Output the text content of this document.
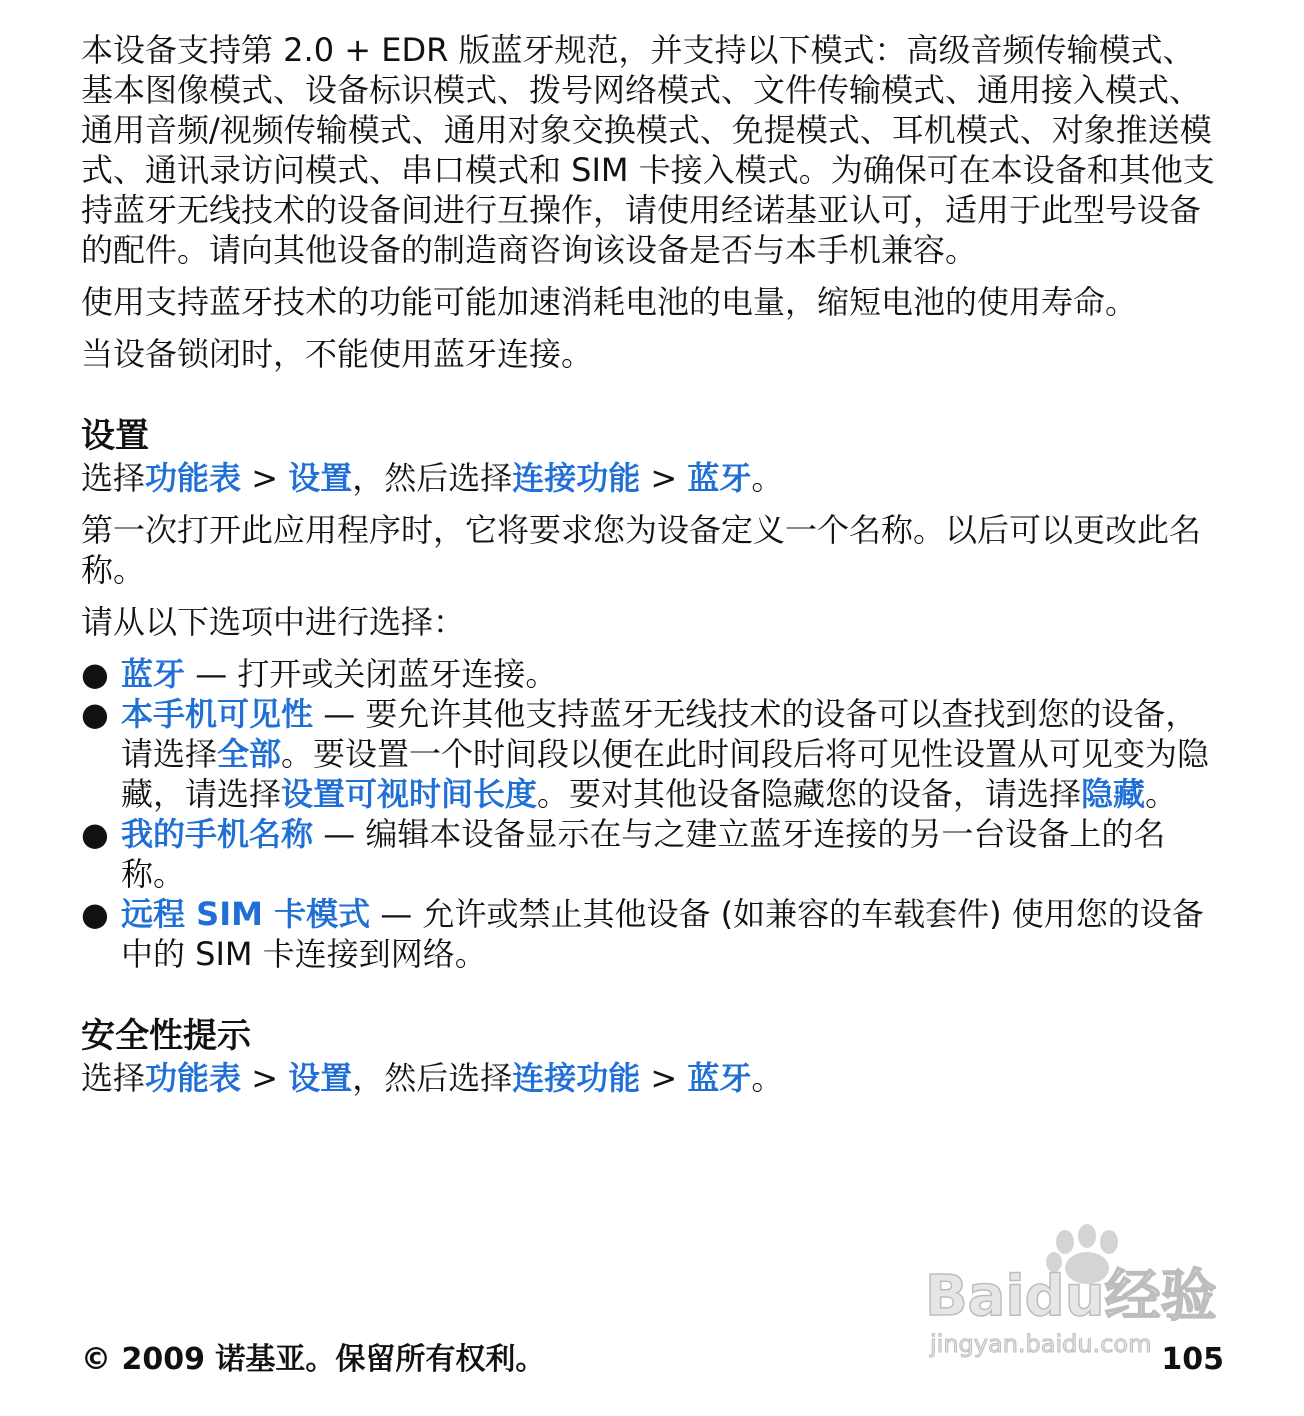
本设备支持第 2.0 + EDR 版蓝牙规范，并支持以下模式：高级音频传输模式、基本图像模式、设备标识模式、拨号网络模式、文件传输模式、通用接入模式、通用音频/视频传输模式、通用对象交换模式、免提模式、耳机模式、对象推送模式、通讯录访问模式、串口模式和 SIM 卡接入模式。为确保可在本设备和其他支持蓝牙无线技术的设备间进行互操作，请使用经诺基亚认可，适用于此型号设备的配件。请向其他设备的制造商咨询该设备是否与本手机兼容。

使用支持蓝牙技术的功能可能加速消耗电池的电量，缩短电池的使用寿命。

当设备锁闭时，不能使用蓝牙连接。

设置

选择功能表 > 设置，然后选择连接功能 > 蓝牙。

第一次打开此应用程序时，它将要求您为设备定义一个名称。以后可以更改此名称。

请从以下选项中进行选择：

● 蓝牙 — 打开或关闭蓝牙连接。
● 本手机可见性 — 要允许其他支持蓝牙无线技术的设备可以查找到您的设备，请选择全部。要设置一个时间段以便在此时间段后将可见性设置从可见变为隐藏，请选择设置可视时间长度。要对其他设备隐藏您的设备，请选择隐藏。
● 我的手机名称 — 编辑本设备显示在与之建立蓝牙连接的另一台设备上的名称。
● 远程 SIM 卡模式 — 允许或禁止其他设备 (如兼容的车载套件) 使用您的设备中的 SIM 卡连接到网络。
安全性提示

选择功能表 > 设置，然后选择连接功能 > 蓝牙。

Baidu经验
jingyan.baidu.com
© 2009 诺基亚。保留所有权利。	105
